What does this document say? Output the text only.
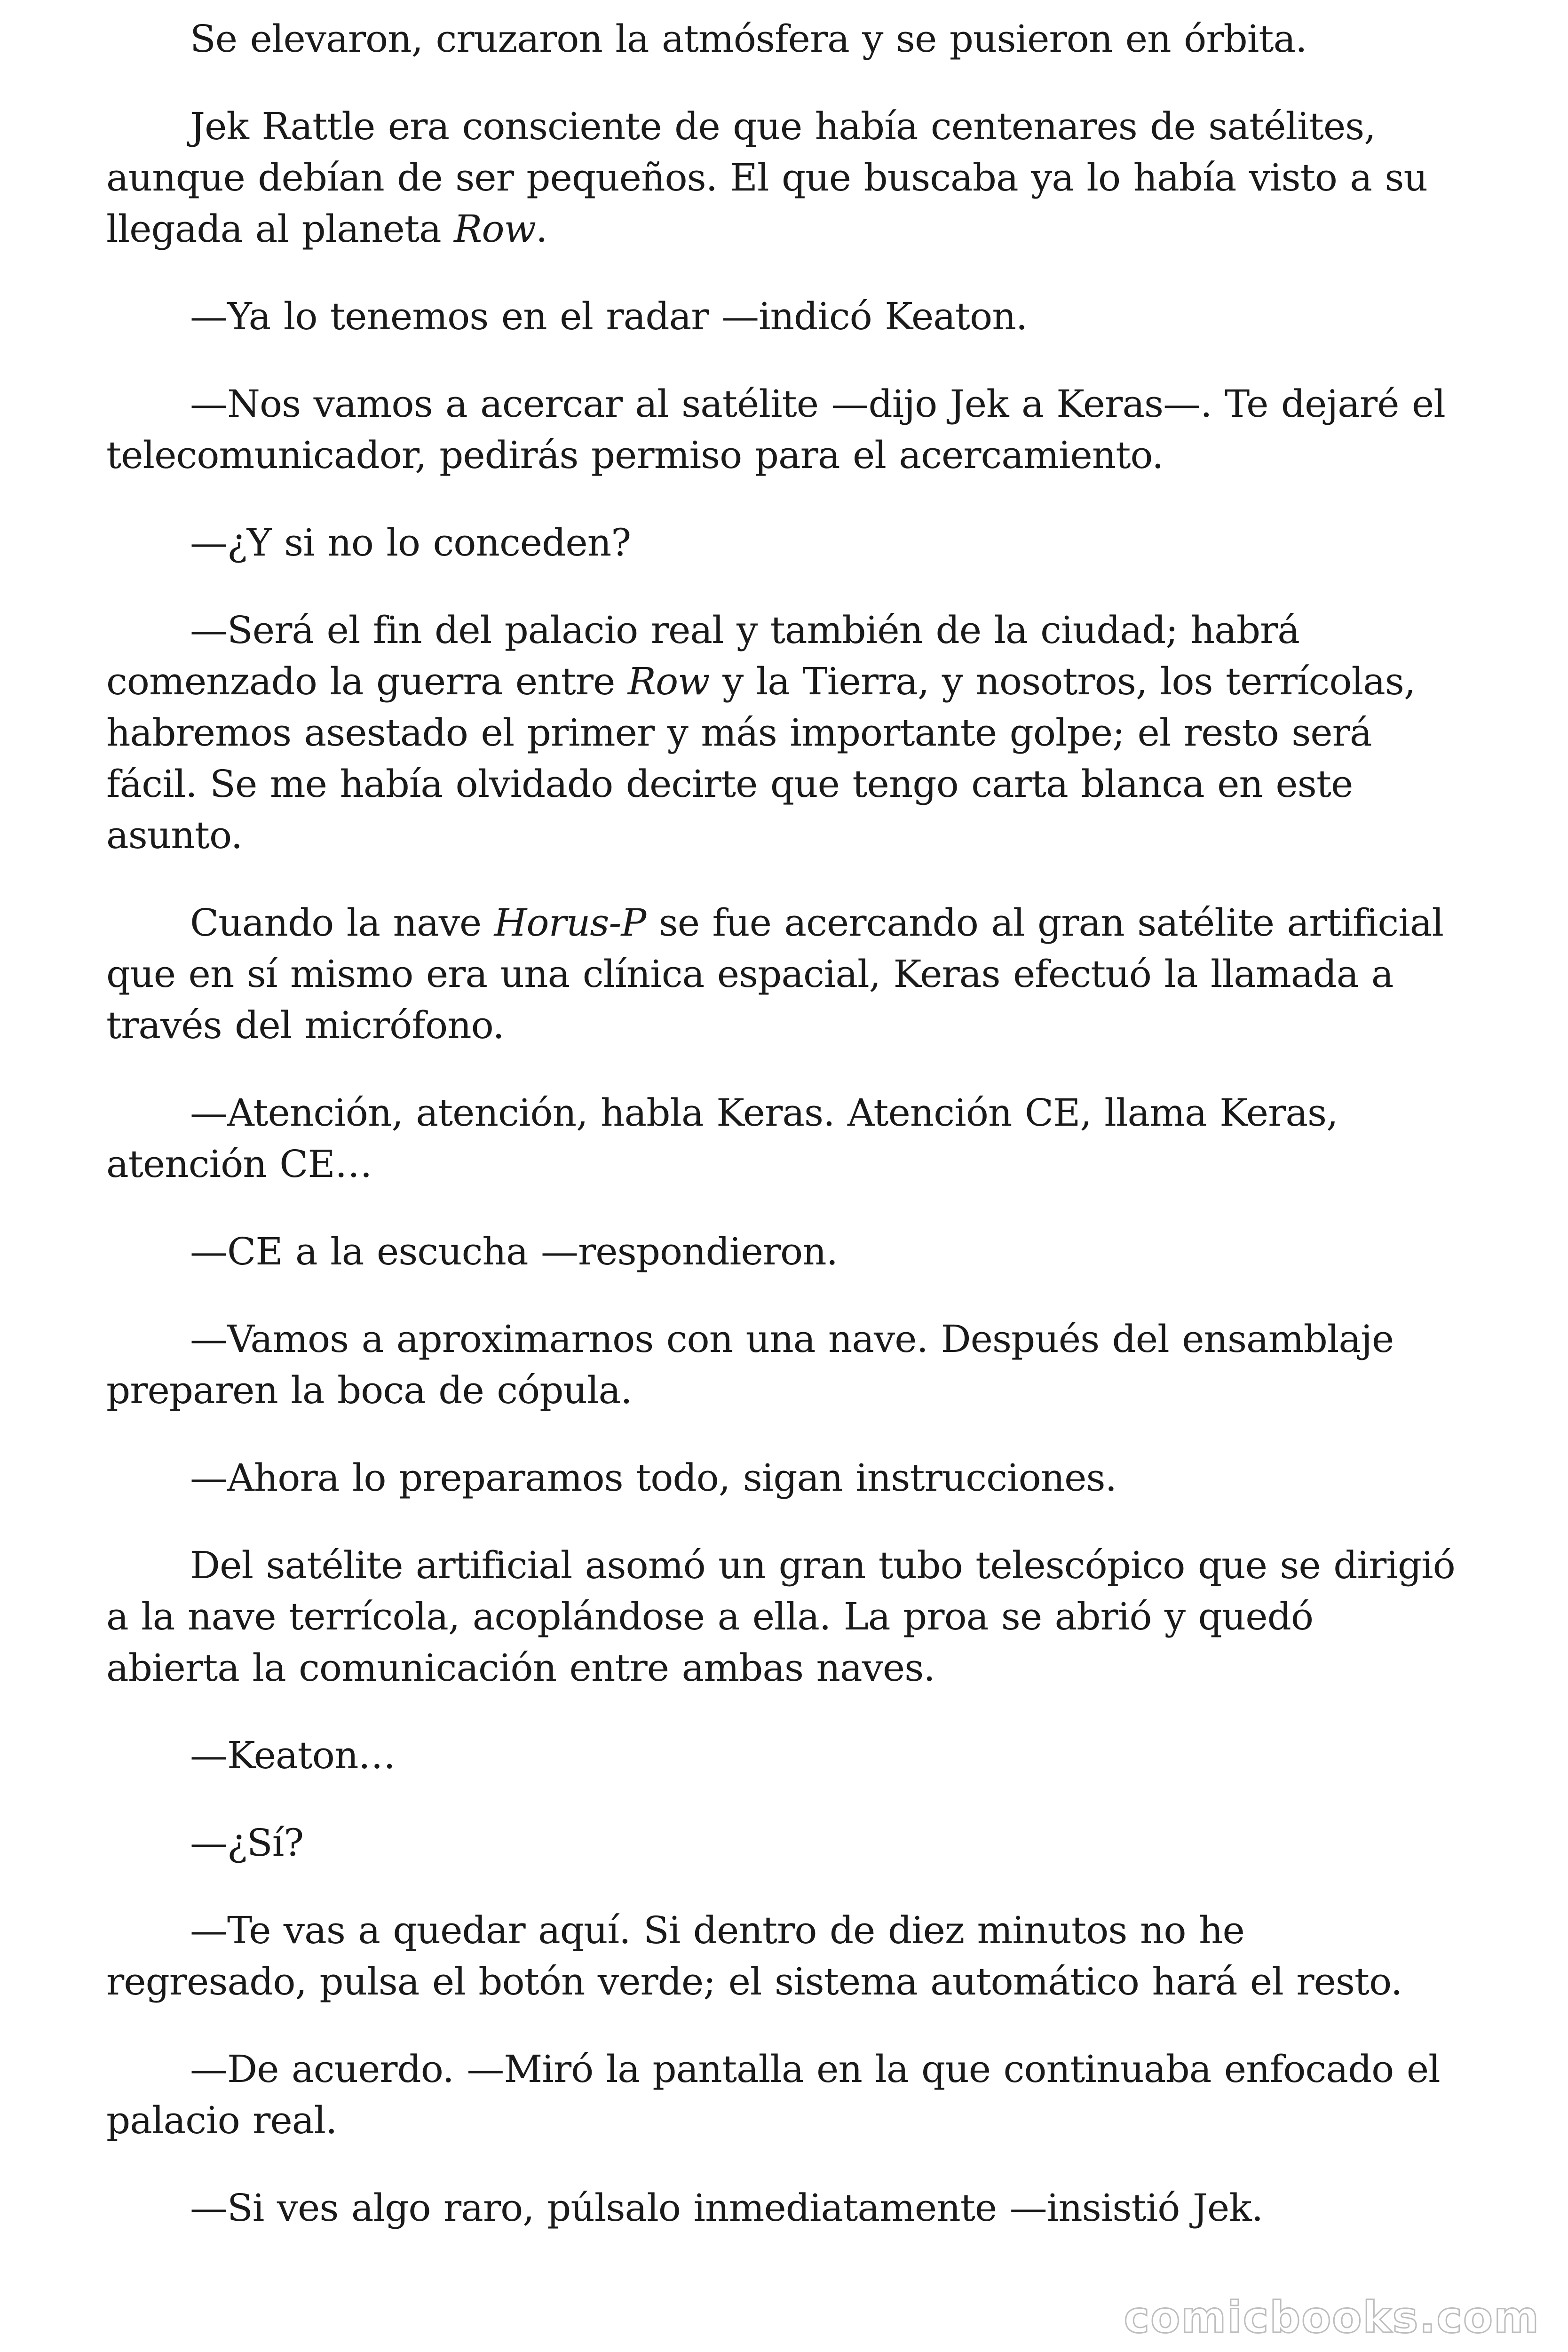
Se elevaron, cruzaron la atmósfera y se pusieron en órbita.

Jek Rattle era consciente de que había centenares de satélites, aunque debían de ser pequeños. El que buscaba ya lo había visto a su llegada al planeta Row.

—Ya lo tenemos en el radar —indicó Keaton.

—Nos vamos a acercar al satélite —dijo Jek a Keras—. Te dejaré el telecomunicador, pedirás permiso para el acercamiento.

—¿Y si no lo conceden?

—Será el fin del palacio real y también de la ciudad; habrá comenzado la guerra entre Row y la Tierra, y nosotros, los terrícolas, habremos asestado el primer y más importante golpe; el resto será fácil. Se me había olvidado decirte que tengo carta blanca en este asunto.

Cuando la nave Horus-P se fue acercando al gran satélite artificial que en sí mismo era una clínica espacial, Keras efectuó la llamada a través del micrófono.

—Atención, atención, habla Keras. Atención CE, llama Keras, atención CE…

—CE a la escucha —respondieron.

—Vamos a aproximarnos con una nave. Después del ensamblaje preparen la boca de cópula.

—Ahora lo preparamos todo, sigan instrucciones.

Del satélite artificial asomó un gran tubo telescópico que se dirigió a la nave terrícola, acoplándose a ella. La proa se abrió y quedó abierta la comunicación entre ambas naves.

—Keaton…

—¿Sí?

—Te vas a quedar aquí. Si dentro de diez minutos no he regresado, pulsa el botón verde; el sistema automático hará el resto.

—De acuerdo. —Miró la pantalla en la que continuaba enfocado el palacio real.

—Si ves algo raro, púlsalo inmediatamente —insistió Jek.

comicbooks.com
